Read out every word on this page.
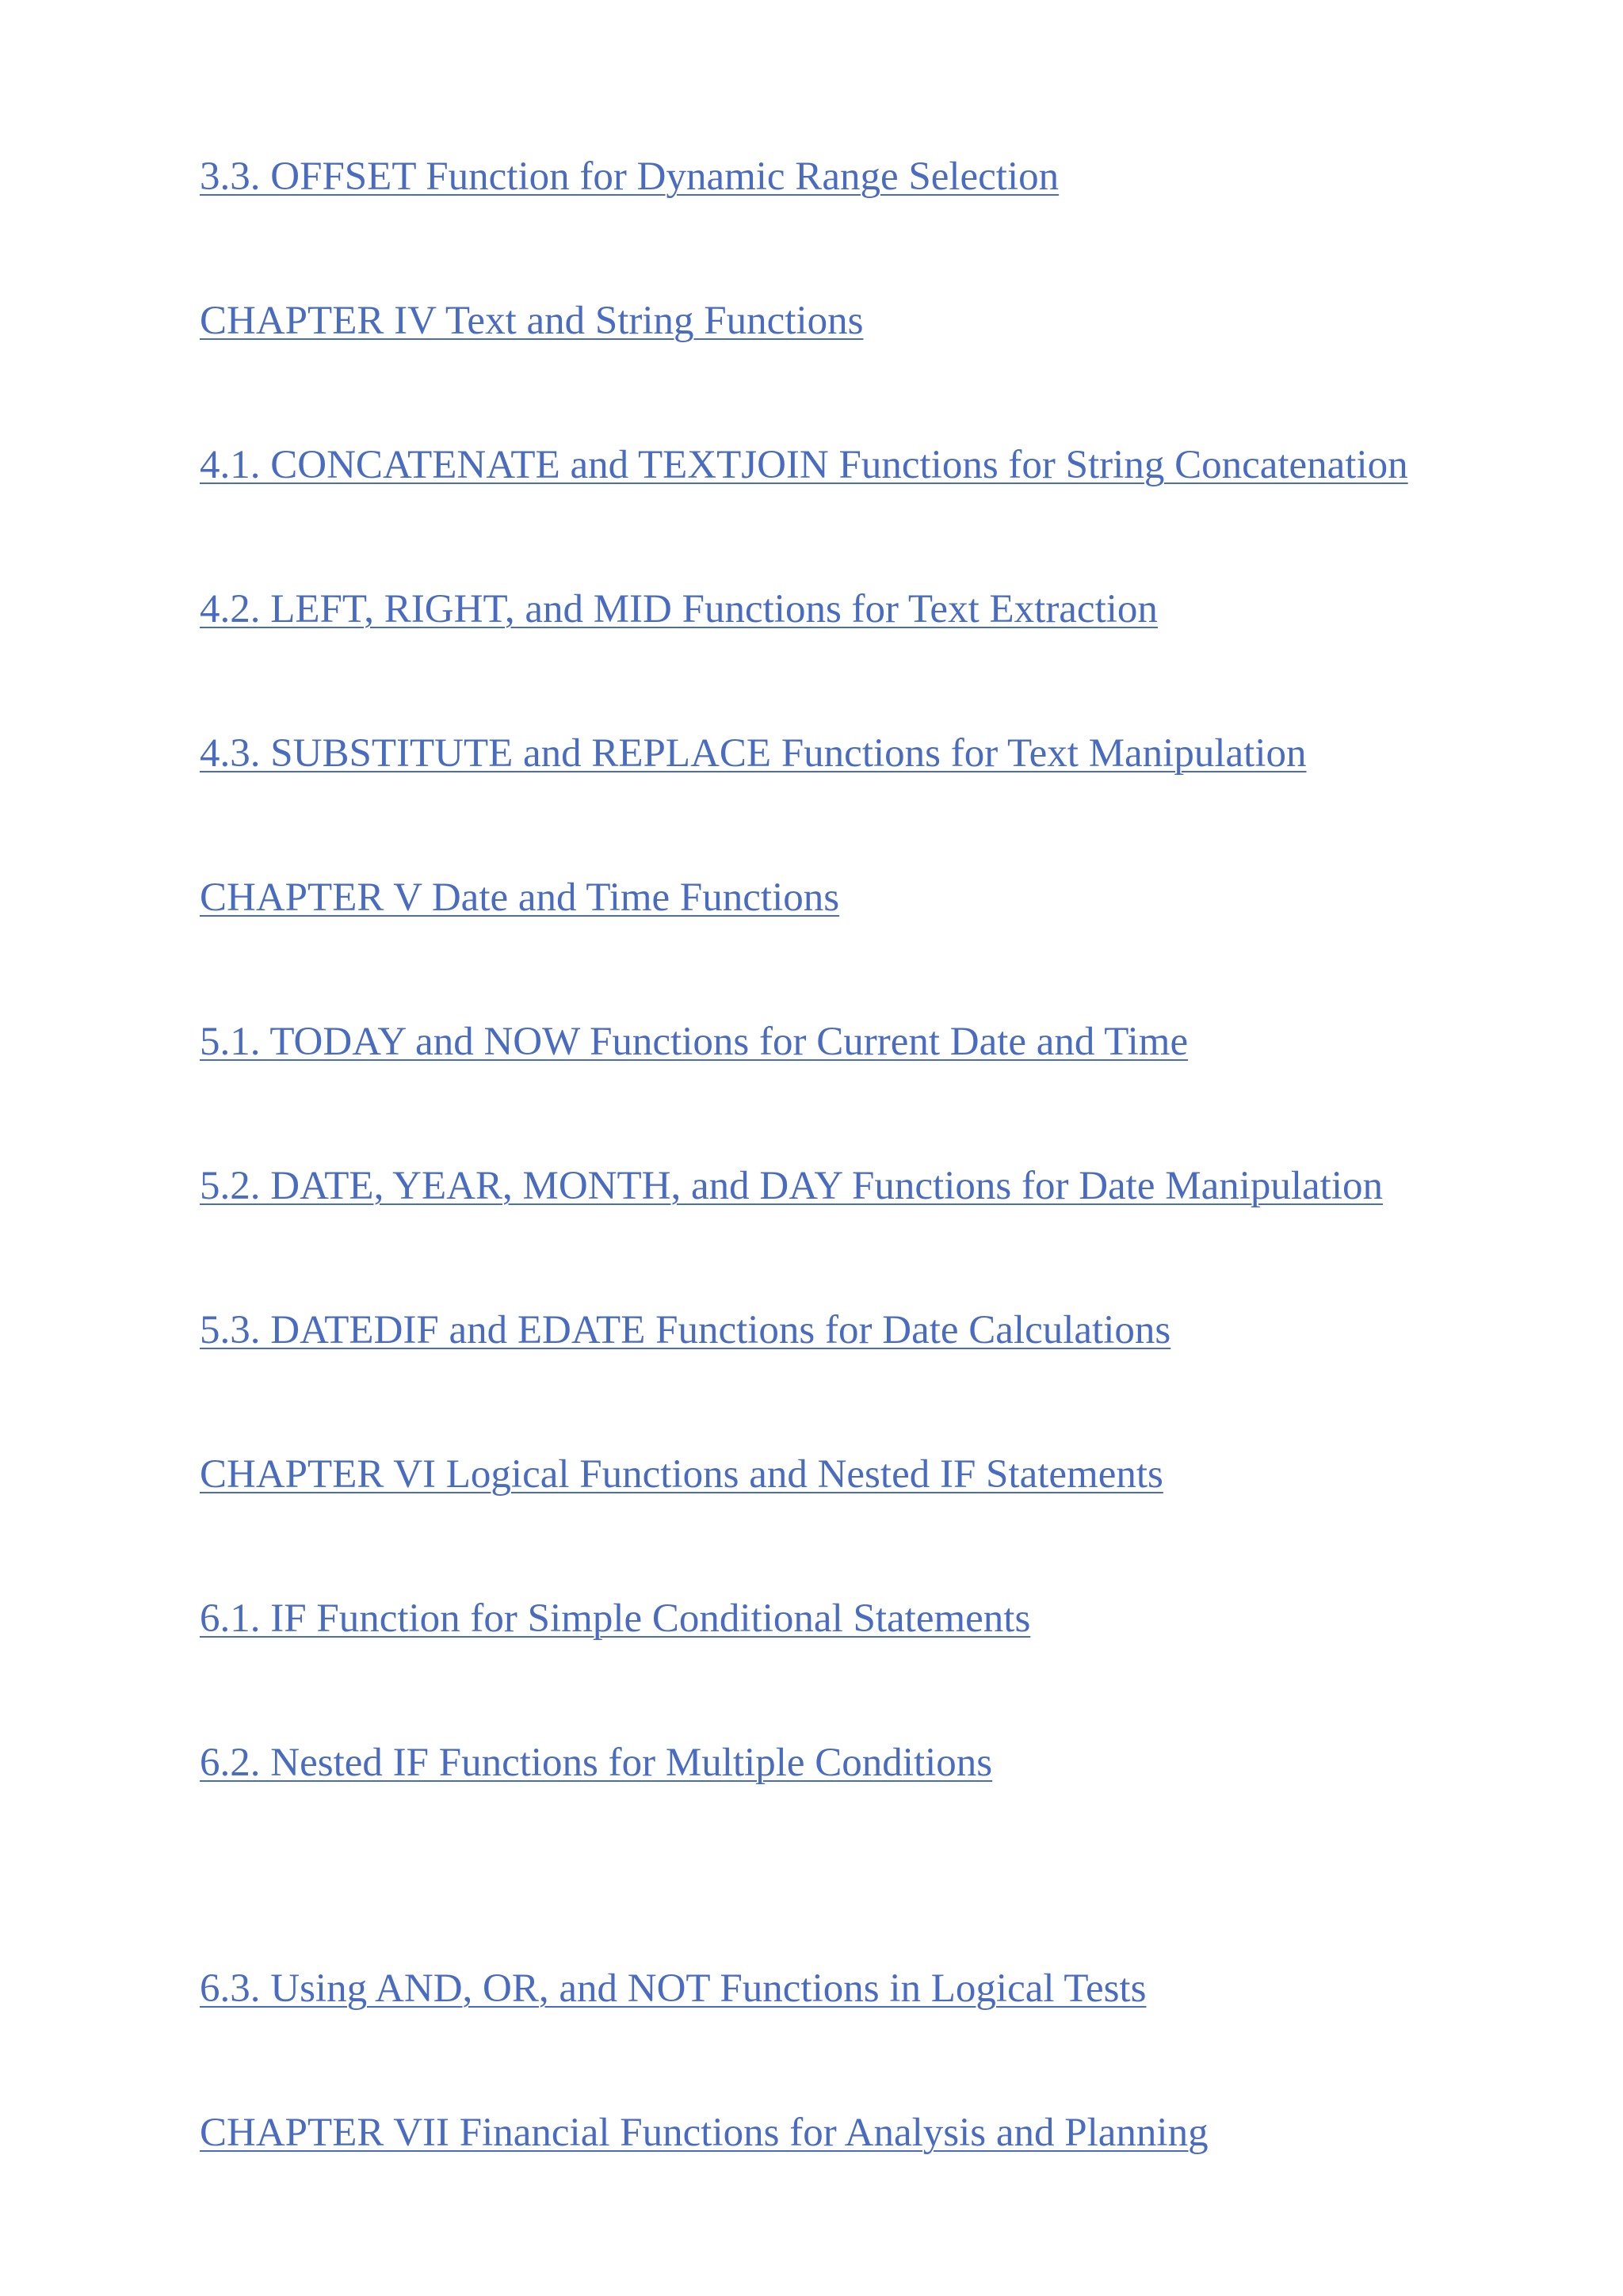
3.3. OFFSET Function for Dynamic Range Selection
CHAPTER IV Text and String Functions
4.1. CONCATENATE and TEXTJOIN Functions for String Concatenation
4.2. LEFT, RIGHT, and MID Functions for Text Extraction
4.3. SUBSTITUTE and REPLACE Functions for Text Manipulation
CHAPTER V Date and Time Functions
5.1. TODAY and NOW Functions for Current Date and Time
5.2. DATE, YEAR, MONTH, and DAY Functions for Date Manipulation
5.3. DATEDIF and EDATE Functions for Date Calculations
CHAPTER VI Logical Functions and Nested IF Statements
6.1. IF Function for Simple Conditional Statements
6.2. Nested IF Functions for Multiple Conditions
6.3. Using AND, OR, and NOT Functions in Logical Tests
CHAPTER VII Financial Functions for Analysis and Planning
